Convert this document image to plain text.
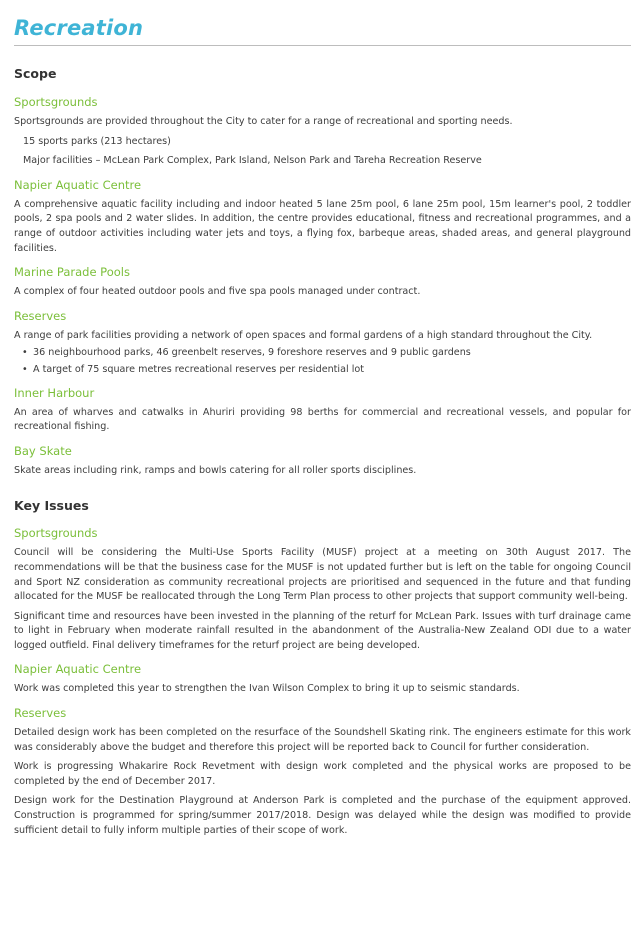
Recreation
Scope
Sportsgrounds

Sportsgrounds are provided throughout the City to cater for a range of recreational and sporting needs.

15 sports parks (213 hectares)
Major facilities – McLean Park Complex, Park Island, Nelson Park and Tareha Recreation Reserve
Napier Aquatic Centre

A comprehensive aquatic facility including and indoor heated 5 lane 25m pool, 6 lane 25m pool, 15m learner's pool, 2 toddler pools, 2 spa pools and 2 water slides. In addition, the centre provides educational, fitness and recreational programmes, and a range of outdoor activities including water jets and toys, a flying fox, barbeque areas, shaded areas, and general playground facilities.

Marine Parade Pools

A complex of four heated outdoor pools and five spa pools managed under contract.

Reserves

A range of park facilities providing a network of open spaces and formal gardens of a high standard throughout the City.

• 36 neighbourhood parks, 46 greenbelt reserves, 9 foreshore reserves and 9 public gardens
• A target of 75 square metres recreational reserves per residential lot
Inner Harbour

An area of wharves and catwalks in Ahuriri providing 98 berths for commercial and recreational vessels, and popular for recreational fishing.

Bay Skate

Skate areas including rink, ramps and bowls catering for all roller sports disciplines.

Key Issues
Sportsgrounds

Council will be considering the Multi-Use Sports Facility (MUSF) project at a meeting on 30th August 2017. The recommendations will be that the business case for the MUSF is not updated further but is left on the table for ongoing Council and Sport NZ consideration as community recreational projects are prioritised and sequenced in the future and that funding allocated for the MUSF be reallocated through the Long Term Plan process to other projects that support community well-being.

Significant time and resources have been invested in the planning of the returf for McLean Park. Issues with turf drainage came to light in February when moderate rainfall resulted in the abandonment of the Australia-New Zealand ODI due to a water logged outfield. Final delivery timeframes for the returf project are being developed.

Napier Aquatic Centre

Work was completed this year to strengthen the Ivan Wilson Complex to bring it up to seismic standards.

Reserves

Detailed design work has been completed on the resurface of the Soundshell Skating rink. The engineers estimate for this work was considerably above the budget and therefore this project will be reported back to Council for further consideration.

Work is progressing Whakarire Rock Revetment with design work completed and the physical works are proposed to be completed by the end of December 2017.

Design work for the Destination Playground at Anderson Park is completed and the purchase of the equipment approved. Construction is programmed for spring/summer 2017/2018. Design was delayed while the design was modified to provide sufficient detail to fully inform multiple parties of their scope of work.
